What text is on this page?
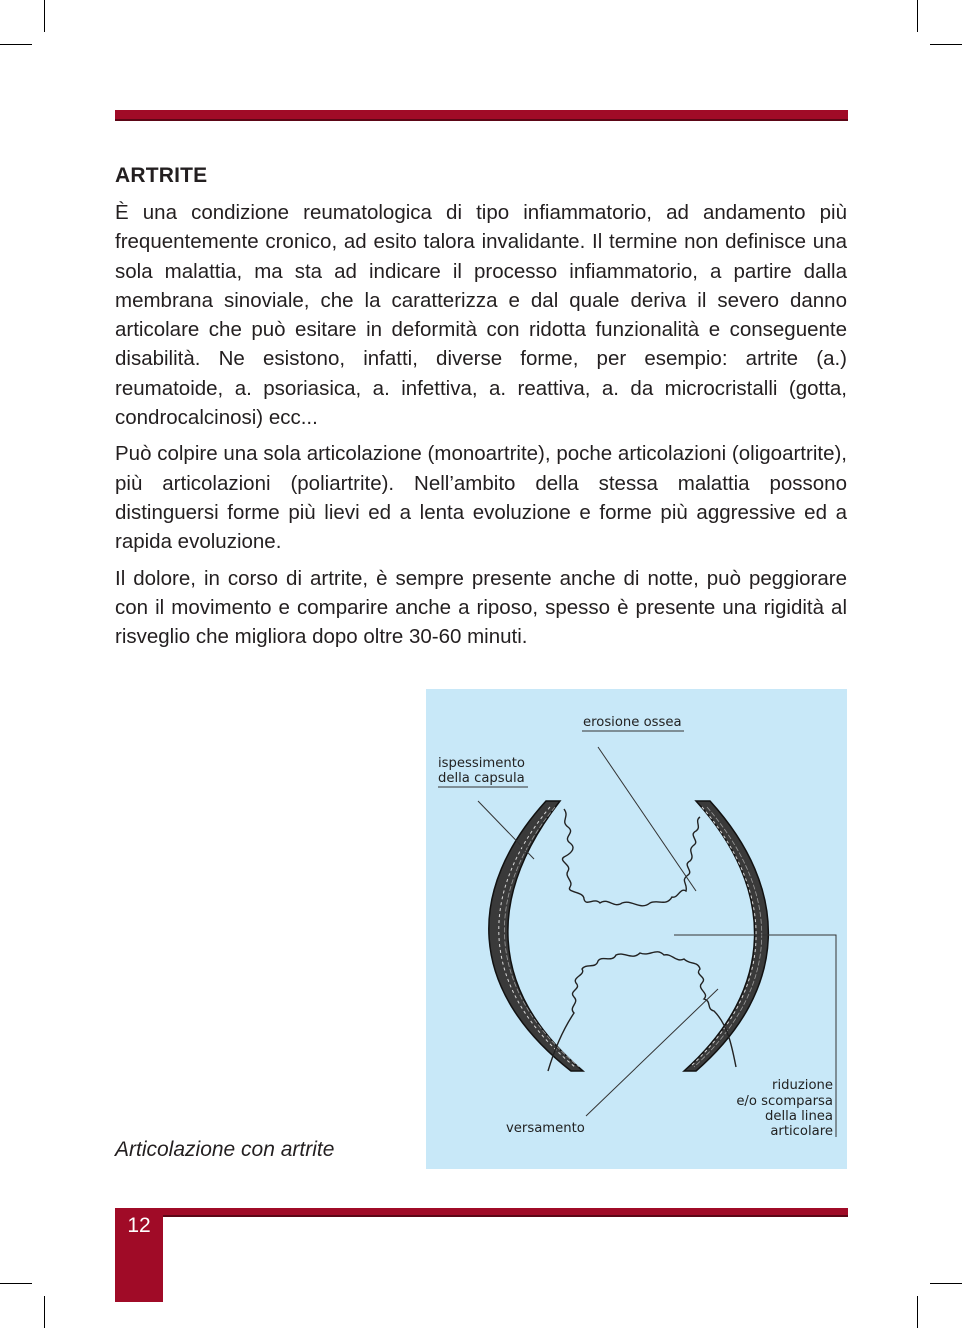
ARTRITE

È una condizione reumatologica di tipo infiammatorio, ad andamento più frequentemente cronico, ad esito talora invalidante. Il termine non definisce una sola malattia, ma sta ad indicare il processo infiammatorio, a partire dalla membrana sinoviale, che la caratterizza e dal quale deriva il severo danno articolare che può esitare in deformità con ridotta funzionalità e conseguente disabilità. Ne esistono, infatti, diverse forme, per esempio: artrite (a.) reumatoide, a. psoriasica, a. infettiva, a. reattiva, a. da microcristalli (gotta, condrocalcinosi) ecc...

Può colpire una sola articolazione (monoartrite), poche articolazioni (oligoartrite), più articolazioni (poliartrite). Nell’ambito della stessa malattia possono distinguersi forme più lievi ed a lenta evoluzione e forme più aggressive ed a rapida evoluzione.

Il dolore, in corso di artrite, è sempre presente anche di notte, può peggiorare con il movimento e comparire anche a riposo, spesso è presente una rigidità al risveglio che migliora dopo oltre 30-60 minuti.

erosione ossea

ispessimento

della capsula

versamento

riduzione

e/o scomparsa

della linea

articolare

Articolazione con artrite

12
